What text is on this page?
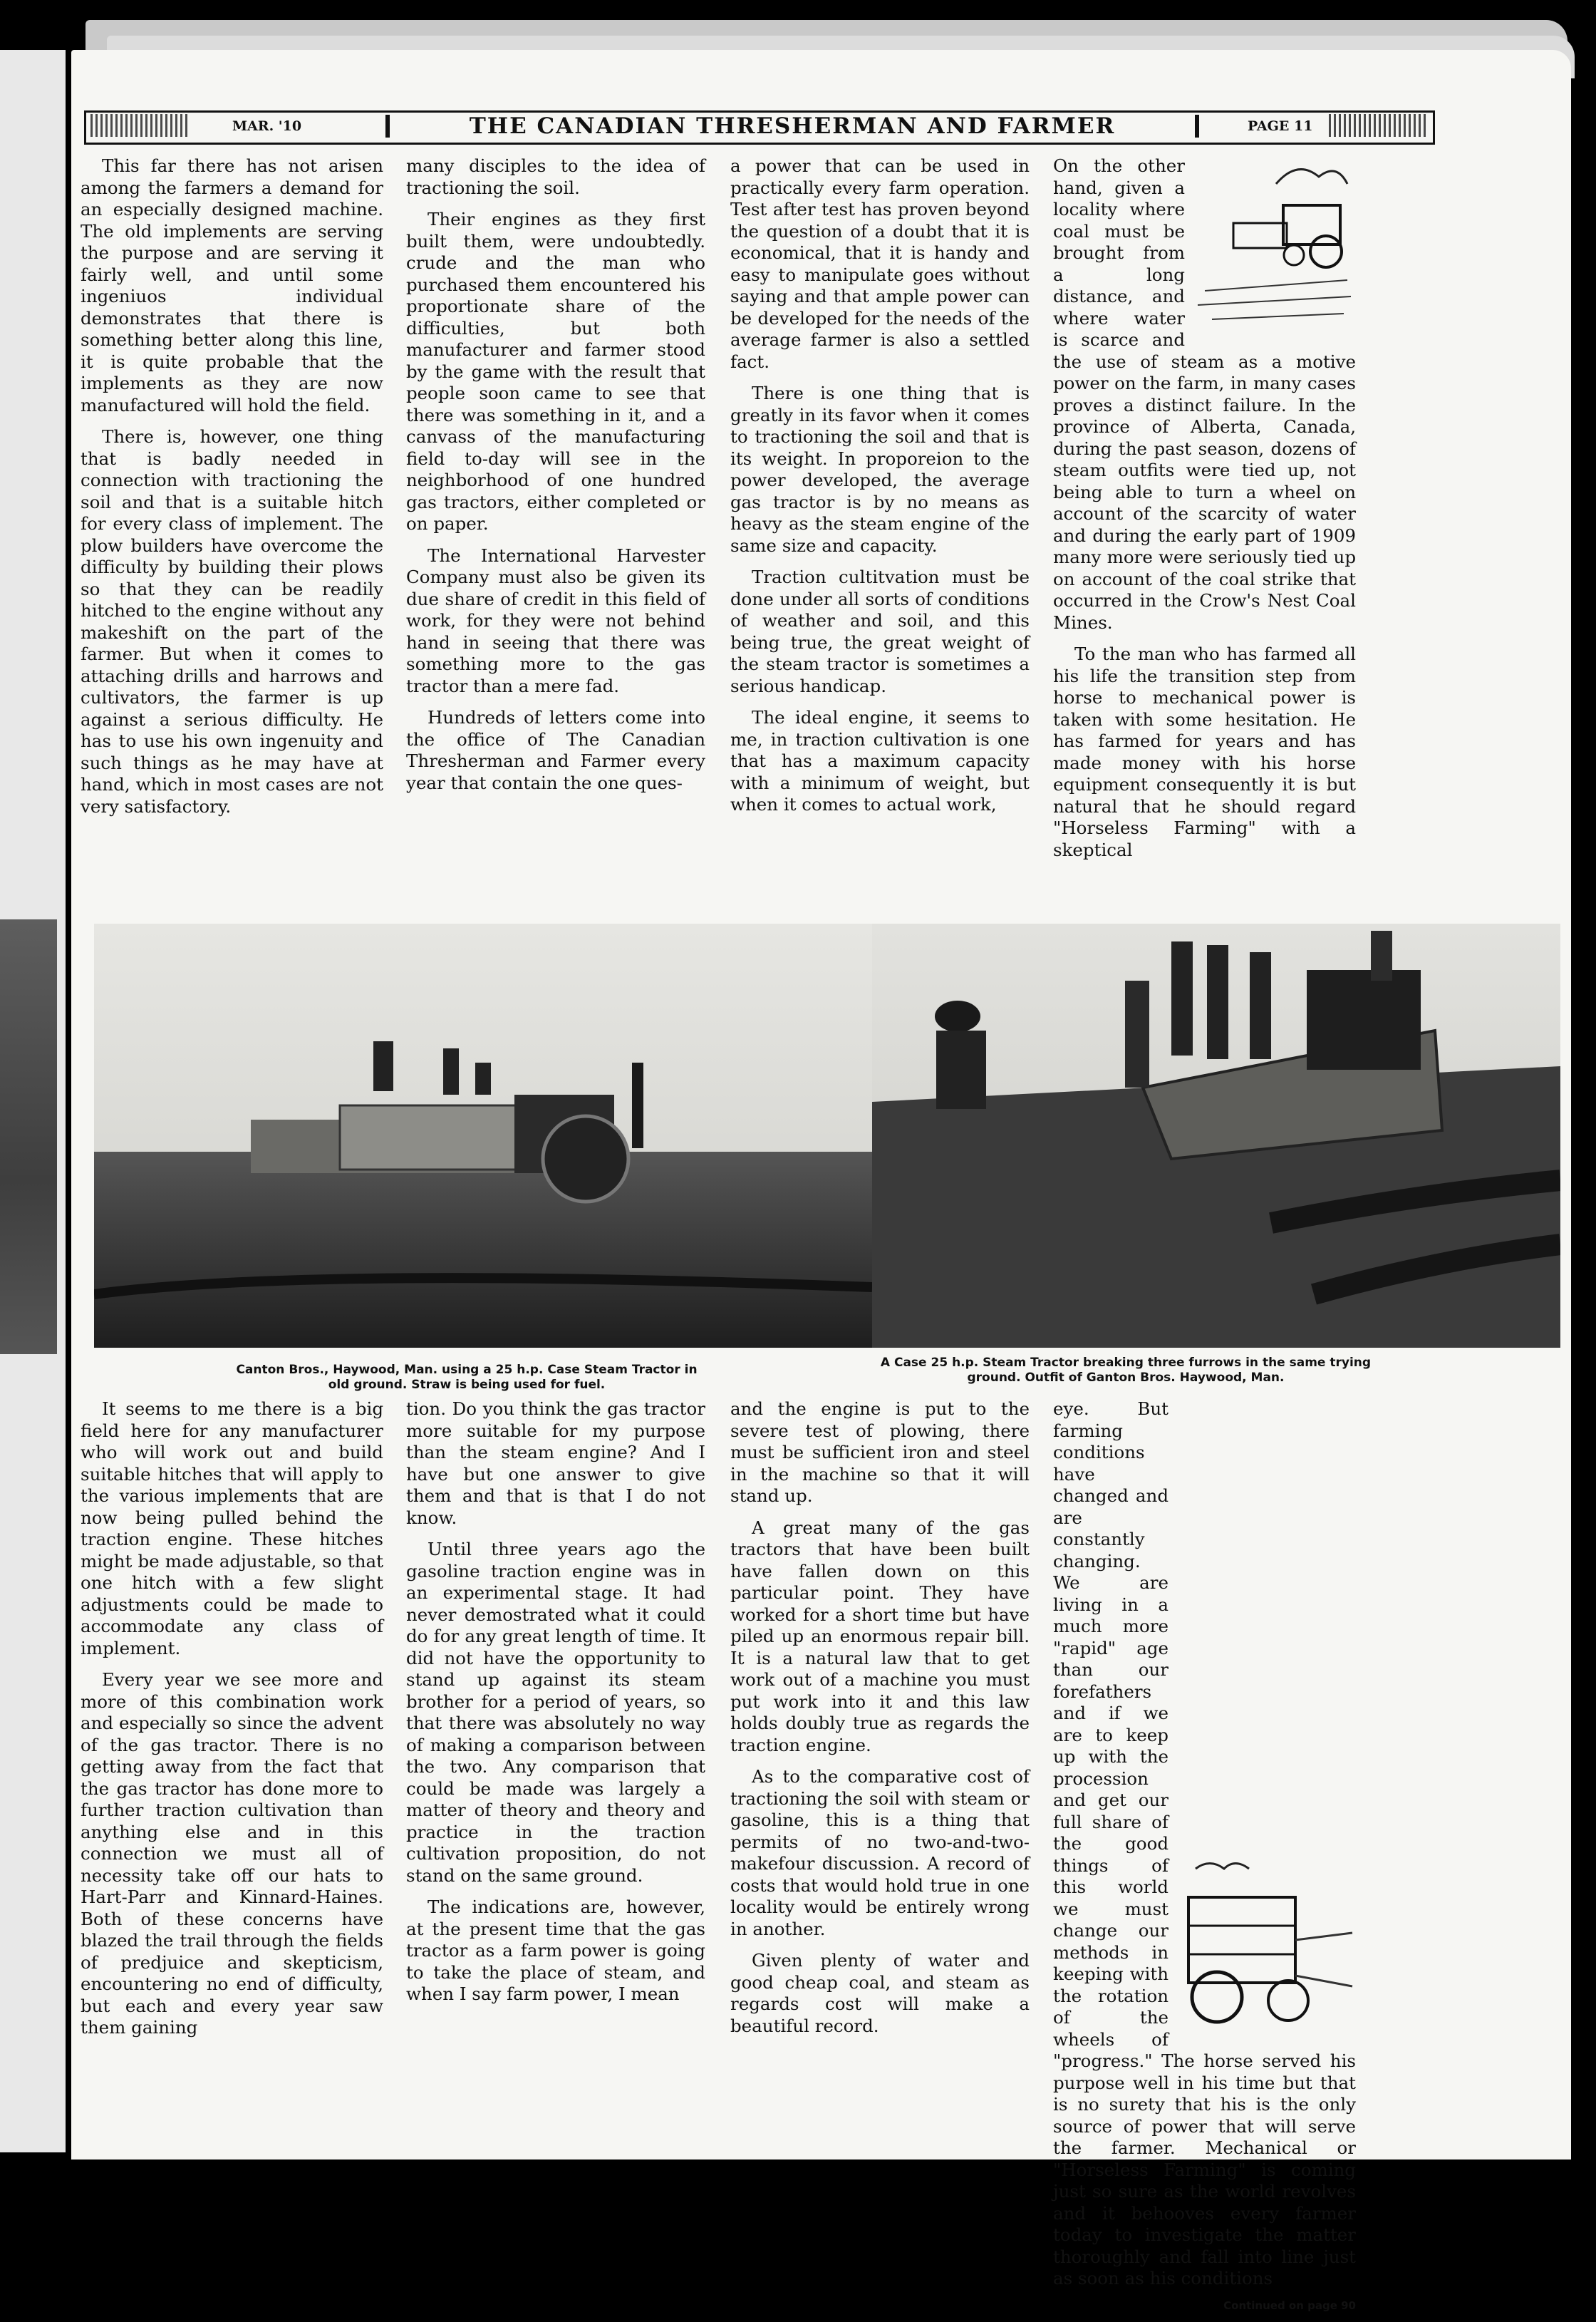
MAR. '10	THE CANADIAN THRESHERMAN AND FARMER	PAGE 11

This far there has not arisen among the farmers a demand for an especially designed machine. The old implements are serving the purpose and are serving it fairly well, and until some ingeniuos individual demonstrates that there is something better along this line, it is quite probable that the implements as they are now manufactured will hold the field.

There is, however, one thing that is badly needed in connection with tractioning the soil and that is a suitable hitch for every class of implement. The plow builders have overcome the difficulty by building their plows so that they can be readily hitched to the engine without any makeshift on the part of the farmer. But when it comes to attaching drills and harrows and cultivators, the farmer is up against a serious difficulty. He has to use his own ingenuity and such things as he may have at hand, which in most cases are not very satisfactory.

many disciples to the idea of tractioning the soil.

Their engines as they first built them, were undoubtedly. crude and the man who purchased them encountered his proportionate share of the difficulties, but both manufacturer and farmer stood by the game with the result that people soon came to see that there was something in it, and a canvass of the manufacturing field to-day will see in the neighborhood of one hundred gas tractors, either completed or on paper.

The International Harvester Company must also be given its due share of credit in this field of work, for they were not behind hand in seeing that there was something more to the gas tractor than a mere fad.

Hundreds of letters come into the office of The Canadian Thresherman and Farmer every year that contain the one ques-

a power that can be used in practically every farm operation. Test after test has proven beyond the question of a doubt that it is economical, that it is handy and easy to manipulate goes without saying and that ample power can be developed for the needs of the average farmer is also a settled fact.

There is one thing that is greatly in its favor when it comes to tractioning the soil and that is its weight. In proporeion to the power developed, the average gas tractor is by no means as heavy as the steam engine of the same size and capacity.

Traction cultitvation must be done under all sorts of conditions of weather and soil, and this being true, the great weight of the steam tractor is sometimes a serious handicap.

The ideal engine, it seems to me, in traction cultivation is one that has a maximum capacity with a minimum of weight, but when it comes to actual work,

On the other hand, given a locality where coal must be brought from a long distance, and where water is scarce and the use of steam as a motive power on the farm, in many cases proves a distinct failure. In the province of Alberta, Canada, during the past season, dozens of steam outfits were tied up, not being able to turn a wheel on account of the scarcity of water and during the early part of 1909 many more were seriously tied up on account of the coal strike that occurred in the Crow's Nest Coal Mines.

To the man who has farmed all his life the transition step from horse to mechanical power is taken with some hesitation. He has farmed for years and has made money with his horse equipment consequently it is but natural that he should regard "Horseless Farming" with a skeptical

Canton Bros., Haywood, Man. using a 25 h.p. Case Steam Tractor in old ground. Straw is being used for fuel.
A Case 25 h.p. Steam Tractor breaking three furrows in the same trying ground. Outfit of Ganton Bros. Haywood, Man.

It seems to me there is a big field here for any manufacturer who will work out and build suitable hitches that will apply to the various implements that are now being pulled behind the traction engine. These hitches might be made adjustable, so that one hitch with a few slight adjustments could be made to accommodate any class of implement.

Every year we see more and more of this combination work and especially so since the advent of the gas tractor. There is no getting away from the fact that the gas tractor has done more to further traction cultivation than anything else and in this connection we must all of necessity take off our hats to Hart-Parr and Kinnard-Haines. Both of these concerns have blazed the trail through the fields of predjuice and skepticism, encountering no end of difficulty, but each and every year saw them gaining

tion. Do you think the gas tractor more suitable for my purpose than the steam engine? And I have but one answer to give them and that is that I do not know.

Until three years ago the gasoline traction engine was in an experimental stage. It had never demostrated what it could do for any great length of time. It did not have the opportunity to stand up against its steam brother for a period of years, so that there was absolutely no way of making a comparison between the two. Any comparison that could be made was largely a matter of theory and theory and practice in the traction cultivation proposition, do not stand on the same ground.

The indications are, however, at the present time that the gas tractor as a farm power is going to take the place of steam, and when I say farm power, I mean

and the engine is put to the severe test of plowing, there must be sufficient iron and steel in the machine so that it will stand up.

A great many of the gas tractors that have been built have fallen down on this particular point. They have worked for a short time but have piled up an enormous repair bill. It is a natural law that to get work out of a machine you must put work into it and this law holds doubly true as regards the traction engine.

As to the comparative cost of tractioning the soil with steam or gasoline, this is a thing that permits of no two-and-two-makefour discussion. A record of costs that would hold true in one locality would be entirely wrong in another.

Given plenty of water and good cheap coal, and steam as regards cost will make a beautiful record.

eye. But farming conditions have changed and are constantly changing. We are living in a much more "rapid" age than our forefathers and if we are to keep up with the procession and get our full share of the good things of this world we must change our methods in keeping with the rotation of the wheels of "progress." The horse served his purpose well in his time but that is no surety that his is the only source of power that will serve the farmer. Mechanical or "Horseless Farming" is coming just so sure as the world revolves and it behooves every farmer today to investigate the matter thoroughly and fall into line just as soon as his conditions

Continued on page 90
